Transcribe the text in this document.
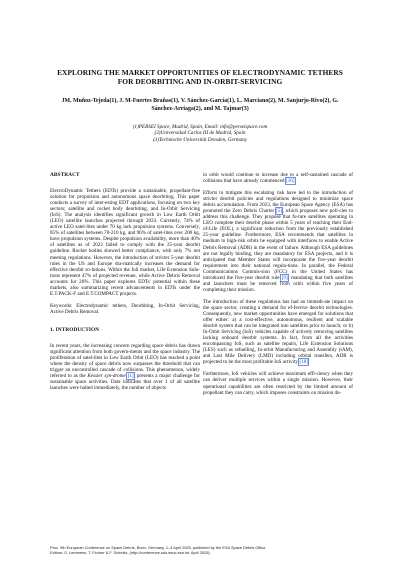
EXPLORING THE MARKET OPPORTUNITIES OF ELECTRODYNAMIC TETHERS
FOR DEORBITING AND IN-ORBIT-SERVICING
JM. Muñoz-Tejeda(1), J. M-Fuertes Brañas(1), V. Sánchez-García(1), L. Marciano(2), M. Sanjurjo-Rivo(2), G.
Sánchez-Arriaga(2), and M. Tajmar(3)
(1)PERSEI Space, Madrid, Spain, Email: info@perseispace.com
(2)Universidad Carlos III de Madrid, Spain
(3)Technische Universität Dresden, Germany
ABSTRACT

ElectroDynamic Tethers (EDTs) provide a sustainable, propellant-free solution for propulsion and autonomous space deorbiting. This paper conducts a survey of inter-esting EDT applications, focusing on two key sectors; satellite and rocket body deorbiting, and In-Orbit Servicing (IoS). The analysis identifies significant growth in Low Earth Orbit (LEO) satellite launches projected through 2033. Currently, 74% of active LEO satel-lites under 70 kg lack propulsion systems. Conversely, 85% of satellites between 70-210 kg, and 96% of satel-lites over 200 kg, have propulsion systems. Despite propulsion availability, more than 40% of satellites as of 2022 failed to comply with the 25-year deorbit guideline. Rocket bodies showed better compliance, with only 7% not meeting regulations. However, the introduction of stricter 5-year deorbit rules in the US and Europe dra-matically increases the demand for effective deorbit so-lutions. Within the IoS market, Life Extension Solu-tions represent 47% of projected revenue, while Active Debris Removal accounts for 26%. This paper explores EDTs' potential within these markets, also summarizing recent advancements in EDTs under the E.T.PACK-F and E.T.COMPACT projects.

Keywords: Electrodynamic tethers, Deorbiting, In-Orbit Servicing, Active Debris Removal.

1. INTRODUCTION

In recent years, the increasing concern regarding space debris has drawn significant attention from both govern-ments and the space industry. The proliferation of satel-lites in Low Earth Orbit (LEO) has reached a point where the density of space debris now surpasses the threshold that can trigger an uncontrolled cascade of collisions. This phenomenon, widely referred to as the Kessler syn-drome [1], presents a major challenge for sustainable space activities. Data indicates that over 1 of all satellite launches were halted immediately, the number of objects

in orbit would continue to increase due to a self-sustained cascade of collisions that have already commenced [16].

Efforts to mitigate this escalating risk have led to the introduction of stricter deorbit policies and regulations designed to minimize space debris accumulation. From 2023, the European Space Agency (ESA) has promoted the Zero Debris Charter [5], which proposes new poli-cies to address this challenge. They propose that fu-ture satellites operating in LEO complete their deorbit phase within 5 years of reaching their End-of-Life (EOL), a significant reduction from the previously established 25-year guideline. Furthermore, ESA recommends that satellites in medium to high-risk orbits be equipped with interfaces to enable Active Debris Removal (ADR) in the event of failure. Although ESA guidelines are not legally binding, they are mandatory for ESA projects, and it is anticipated that Member States will incorporate the five-year deorbit requirement into their national regula-tions. In parallel, the Federal Communications Commis-sion (FCC) in the United States has introduced the five-year deorbit rule [9], mandating that both satellites and launchers must be removed from orbit within five years of completing their mission.

The introduction of these regulations has had an immedi-ate impact on the space sector, creating a demand for ef-fective deorbit technologies. Consequently, new market opportunities have emerged for solutions that offer either: a) a cost-effective, autonomous, resilient and scalable deorbit system that can be integrated into satellites prior to launch; or b) In-Orbit Servicing (IoS) vehicles capable of actively removing satellites lacking onboard deorbit systems. In fact, from all the activities encompassing IoS, such as satellite repairs, Life Extension Solutions (LES) such as refuelling, In-orbit Manufacturing and Assembly (iAM), and Last Mile Delivery (LMD) including orbital transfers, ADR is projected to be the most profitable IoS activity [18].

Furthermore, IoS vehicles will achieve maximum effi-ciency when they can deliver multiple services within a single mission. However, their operational capabilities are often restricted by the limited amount of propellant they can carry, which imposes constraints on mission du-

Proc. 9th European Conference on Space Debris, Bonn, Germany, 1–4 April 2025, published by the ESA Space Debris Office
Editors: S. Lemmens, T. Flohrer & F. Schmitz, (http://conference.sdo.esoc.esa.int, April 2025)
